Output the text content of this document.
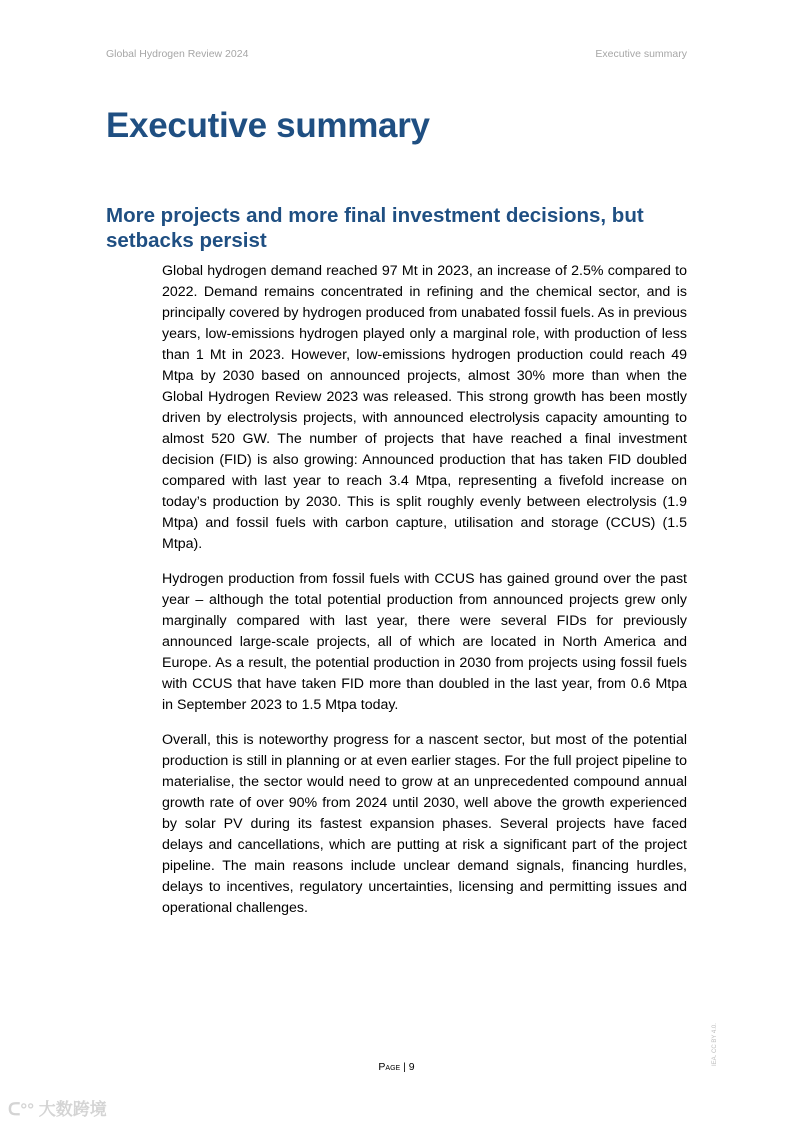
Global Hydrogen Review 2024	Executive summary
Executive summary
More projects and more final investment decisions, but setbacks persist

Global hydrogen demand reached 97 Mt in 2023, an increase of 2.5% compared to 2022. Demand remains concentrated in refining and the chemical sector, and is principally covered by hydrogen produced from unabated fossil fuels. As in previous years, low-emissions hydrogen played only a marginal role, with production of less than 1 Mt in 2023. However, low-emissions hydrogen production could reach 49 Mtpa by 2030 based on announced projects, almost 30% more than when the Global Hydrogen Review 2023 was released. This strong growth has been mostly driven by electrolysis projects, with announced electrolysis capacity amounting to almost 520 GW. The number of projects that have reached a final investment decision (FID) is also growing: Announced production that has taken FID doubled compared with last year to reach 3.4 Mtpa, representing a fivefold increase on today’s production by 2030. This is split roughly evenly between electrolysis (1.9 Mtpa) and fossil fuels with carbon capture, utilisation and storage (CCUS) (1.5 Mtpa).

Hydrogen production from fossil fuels with CCUS has gained ground over the past year – although the total potential production from announced projects grew only marginally compared with last year, there were several FIDs for previously announced large-scale projects, all of which are located in North America and Europe. As a result, the potential production in 2030 from projects using fossil fuels with CCUS that have taken FID more than doubled in the last year, from 0.6 Mtpa in September 2023 to 1.5 Mtpa today.

Overall, this is noteworthy progress for a nascent sector, but most of the potential production is still in planning or at even earlier stages. For the full project pipeline to materialise, the sector would need to grow at an unprecedented compound annual growth rate of over 90% from 2024 until 2030, well above the growth experienced by solar PV during its fastest expansion phases. Several projects have faced delays and cancellations, which are putting at risk a significant part of the project pipeline. The main reasons include unclear demand signals, financing hurdles, delays to incentives, regulatory uncertainties, licensing and permitting issues and operational challenges.

Page | 9
IEA. CC BY 4.0.
ᑕ°° 大数跨境
